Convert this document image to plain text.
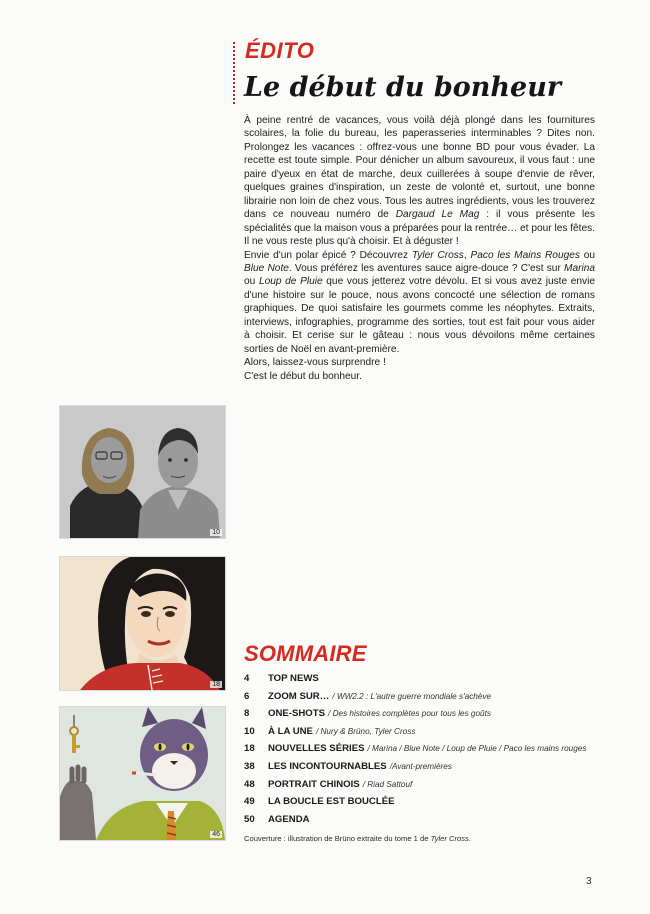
ÉDITO
Le début du bonheur

À peine rentré de vacances, vous voilà déjà plongé dans les fournitures scolaires, la folie du bureau, les paperasseries interminables ? Dites non. Prolongez les vacances : offrez-vous une bonne BD pour vous évader. La recette est toute simple. Pour dénicher un album savoureux, il vous faut : une paire d'yeux en état de marche, deux cuillerées à soupe d'envie de rêver, quelques graines d'inspiration, un zeste de volonté et, surtout, une bonne librairie non loin de chez vous. Tous les autres ingrédients, vous les trouverez dans ce nouveau numéro de Dargaud Le Mag : il vous présente les spécialités que la maison vous a préparées pour la rentrée… et pour les fêtes. Il ne vous reste plus qu'à choisir. Et à déguster !

Envie d'un polar épicé ? Découvrez Tyler Cross, Paco les Mains Rouges ou Blue Note. Vous préférez les aventures sauce aigre-douce ? C'est sur Marina ou Loup de Pluie que vous jetterez votre dévolu. Et si vous avez juste envie d'une histoire sur le pouce, nous avons concocté une sélection de romans graphiques. De quoi satisfaire les gourmets comme les néophytes. Extraits, interviews, infographies, programme des sorties, tout est fait pour vous aider à choisir. Et cerise sur le gâteau : nous vous dévoilons même certaines sorties de Noël en avant-première.

Alors, laissez-vous surprendre !

C'est le début du bonheur.

10
18
46
SOMMAIRE
4	TOP NEWS
6	ZOOM SUR… / WW2.2 : L'autre guerre mondiale s'achève
8	ONE-SHOTS / Des histoires complètes pour tous les goûts
10	À LA UNE / Nury & Brüno, Tyler Cross
18	NOUVELLES SÉRIES / Marina / Blue Note / Loup de Pluie / Paco les mains rouges
38	LES INCONTOURNABLES /Avant-premières
48	PORTRAIT CHINOIS / Riad Sattouf
49	LA BOUCLE EST BOUCLÉE
50	AGENDA
Couverture : illustration de Brüno extraite du tome 1 de Tyler Cross.
3
